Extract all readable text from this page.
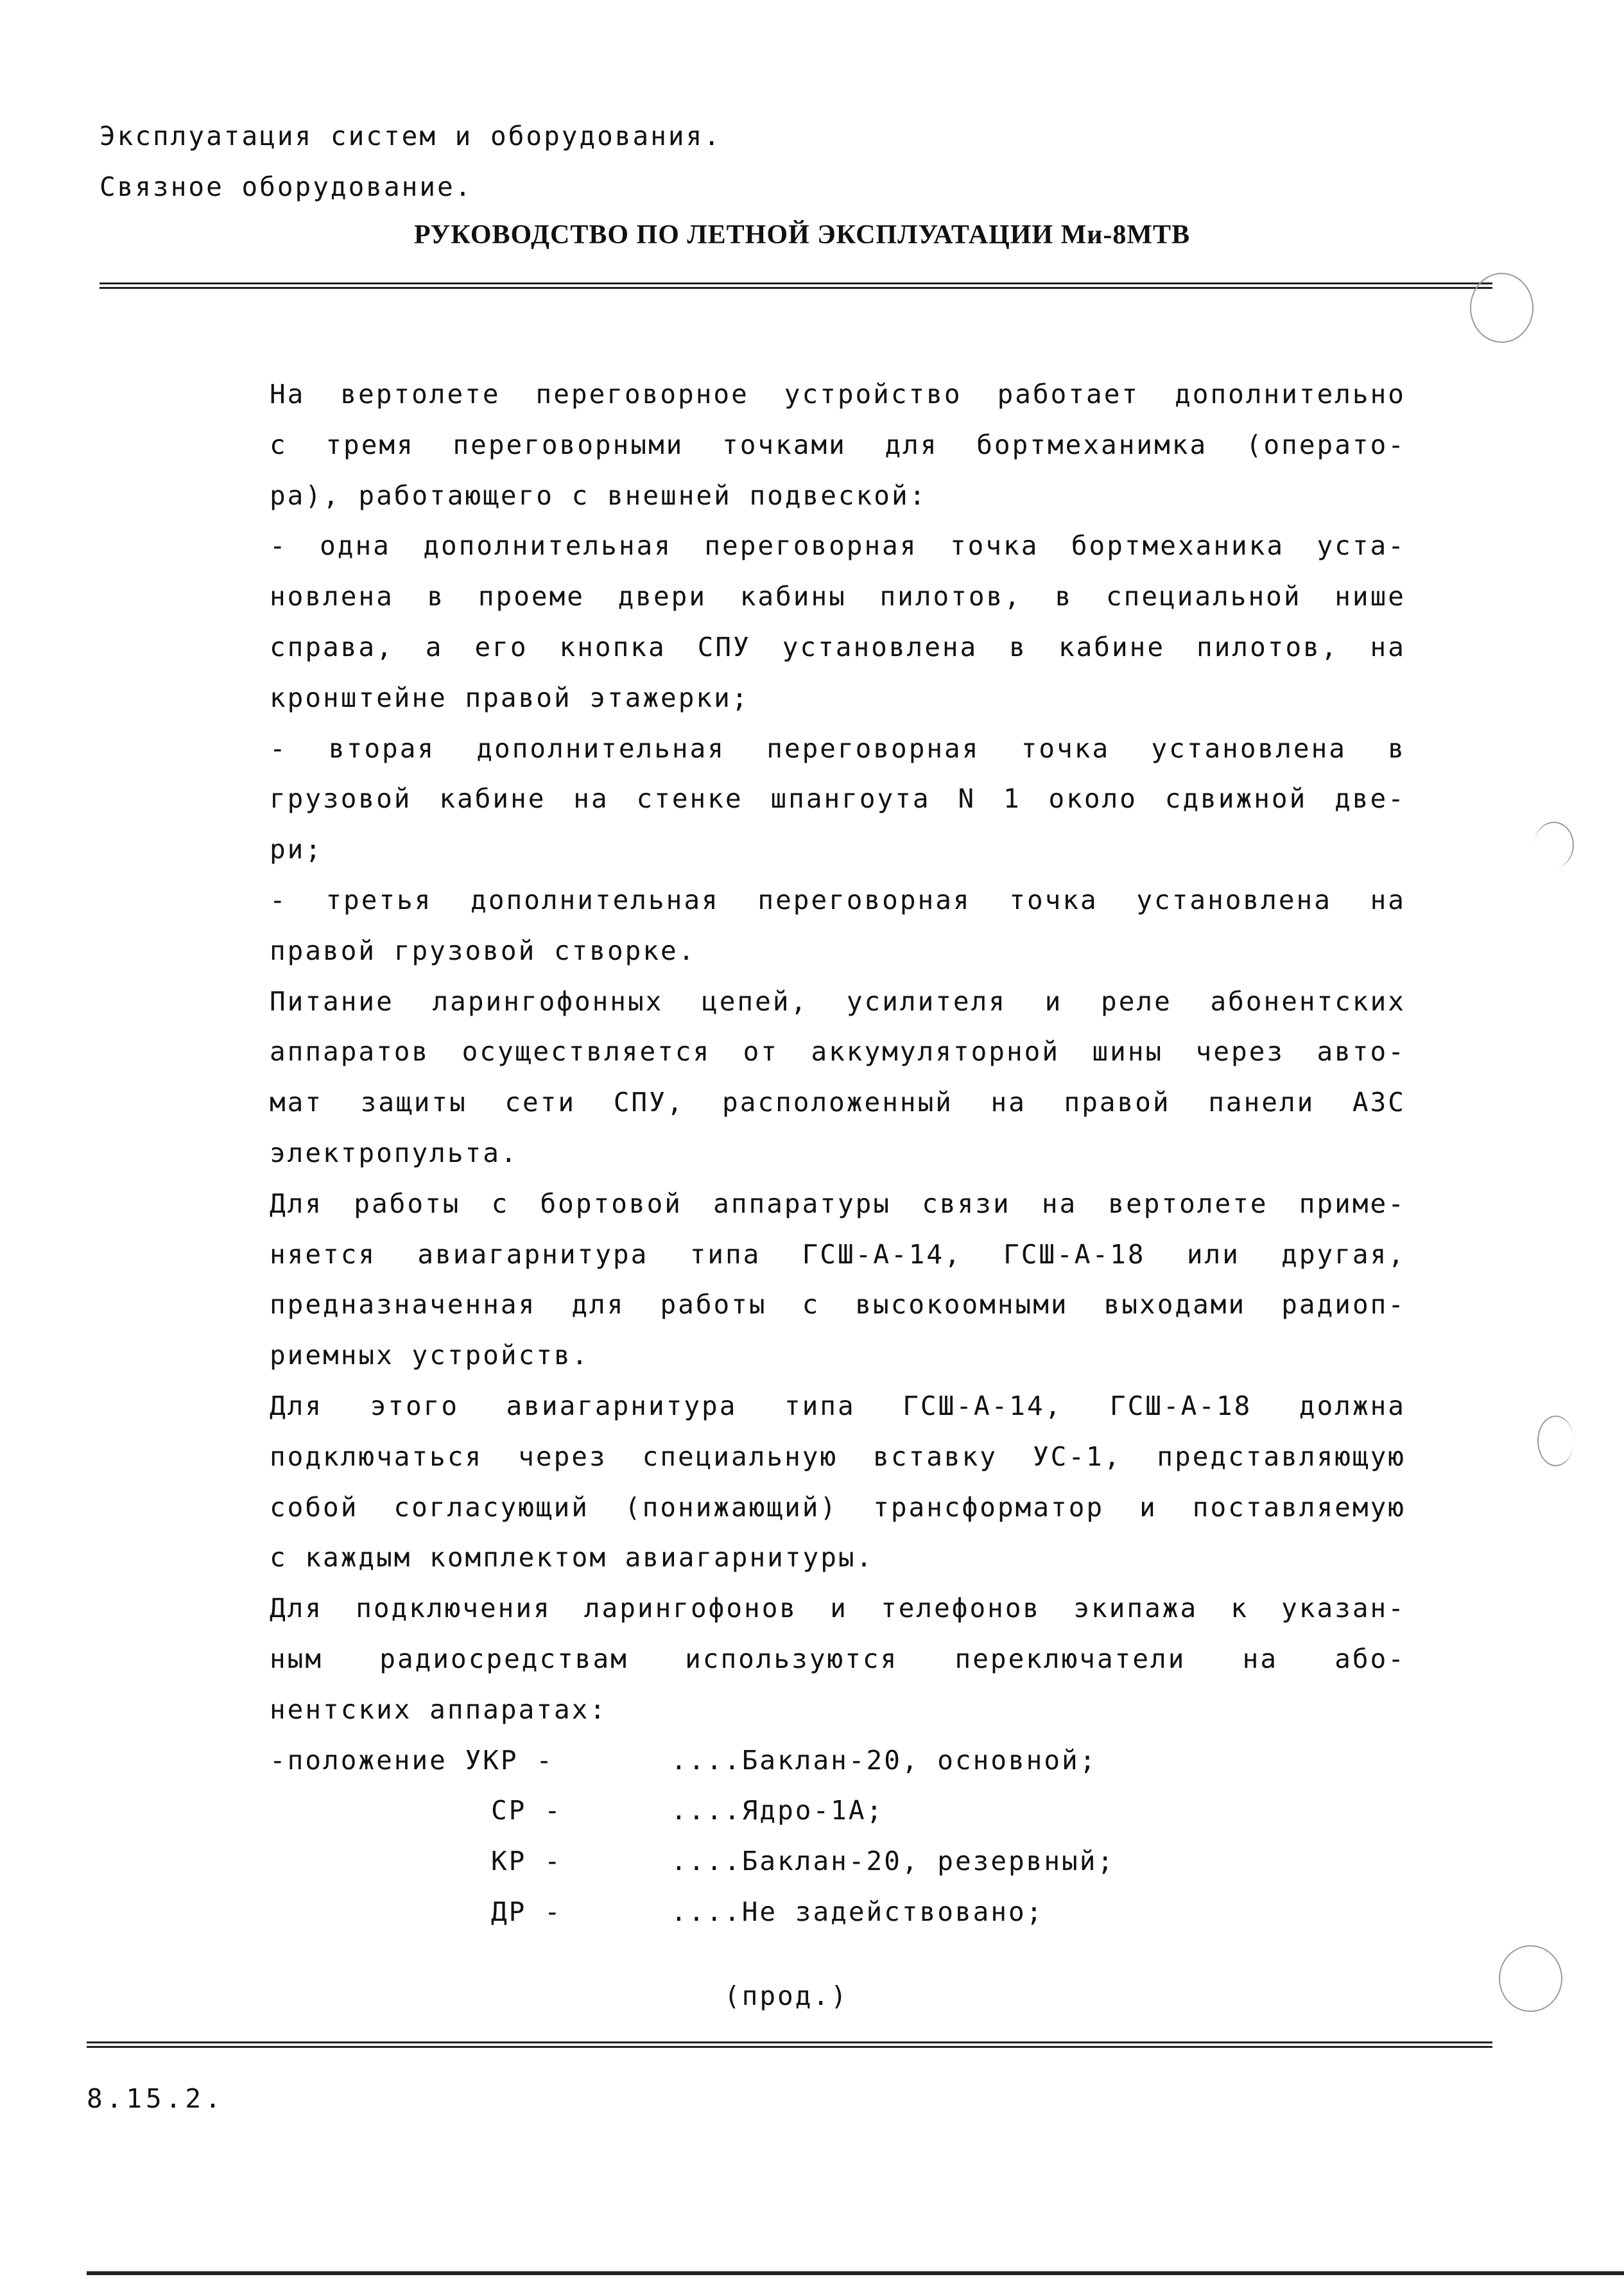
Эксплуатация систем и оборудования.
Связное оборудование.
РУКОВОДСТВО ПО ЛЕТНОЙ ЭКСПЛУАТАЦИИ Ми-8МТВ
На вертолете переговорное устройство работает дополнительно
с тремя переговорными точками для бортмеханимка (операто-
ра), работающего с внешней подвеской:
- одна дополнительная переговорная точка бортмеханика уста-
новлена в проеме двери кабины пилотов, в специальной нише
справа, а его кнопка СПУ установлена в кабине пилотов, на
кронштейне правой этажерки;
- вторая дополнительная переговорная точка установлена в
грузовой кабине на стенке шпангоута N 1 около сдвижной две-
ри;
- третья дополнительная переговорная точка установлена на
правой грузовой створке.
Питание ларингофонных цепей, усилителя и реле абонентских
аппаратов осуществляется от аккумуляторной шины через авто-
мат защиты сети СПУ, расположенный на правой панели АЗС
электропульта.
Для работы с бортовой аппаратуры связи на вертолете приме-
няется авиагарнитура типа ГСШ-А-14, ГСШ-А-18 или другая,
предназначенная для работы с высокоомными выходами радиоп-
риемных устройств.
Для этого авиагарнитура типа ГСШ-А-14, ГСШ-А-18 должна
подключаться через специальную вставку УС-1, представляющую
собой согласующий (понижающий) трансформатор и поставляемую
с каждым комплектом авиагарнитуры.
Для подключения ларингофонов и телефонов экипажа к указан-
ным радиосредствам используются переключатели на або-
нентских аппаратах:
-положение УКР -	....Баклан-20, основной;
СР -	....Ядро-1А;
КР -	....Баклан-20, резервный;
ДР -	....Не задействовано;
(прод.)
8.15.2.
